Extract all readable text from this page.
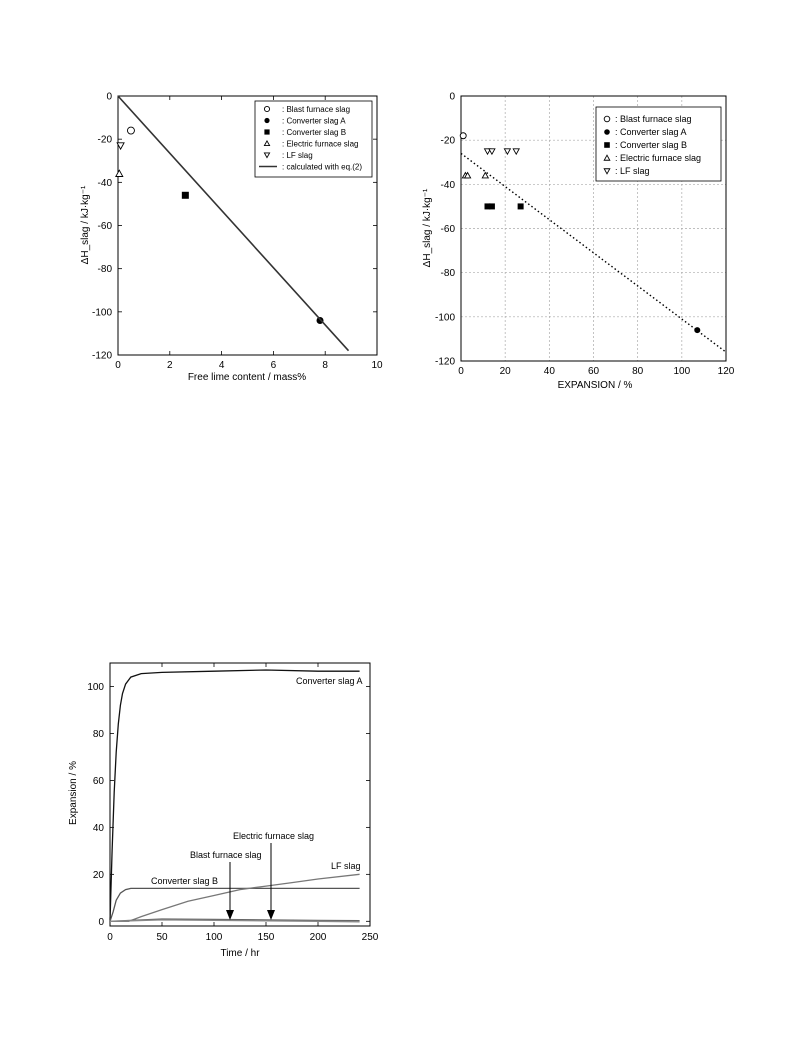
0	2	4	6	8	10
0
-20
-40
-60
-80
-100
-120
Free lime content / mass%
ΔH_slag / kJ·kg⁻¹
: Blast furnace slag
: Converter slag A
: Converter slag B
: Electric furnace slag
: LF slag
: calculated with eq.(2)
0	20	40	60	80	100	120
0
-20
-40
-60
-80
-100
-120
EXPANSION / %
ΔH_slag / kJ·kg⁻¹
: Blast furnace slag
: Converter slag A
: Converter slag B
: Electric furnace slag
: LF slag
0	50	100	150	200	250
0
20
40
60
80
100
Time / hr
Expansion / %
Converter slag A
Converter slag B
Blast furnace slag
Electric furnace slag
LF slag
